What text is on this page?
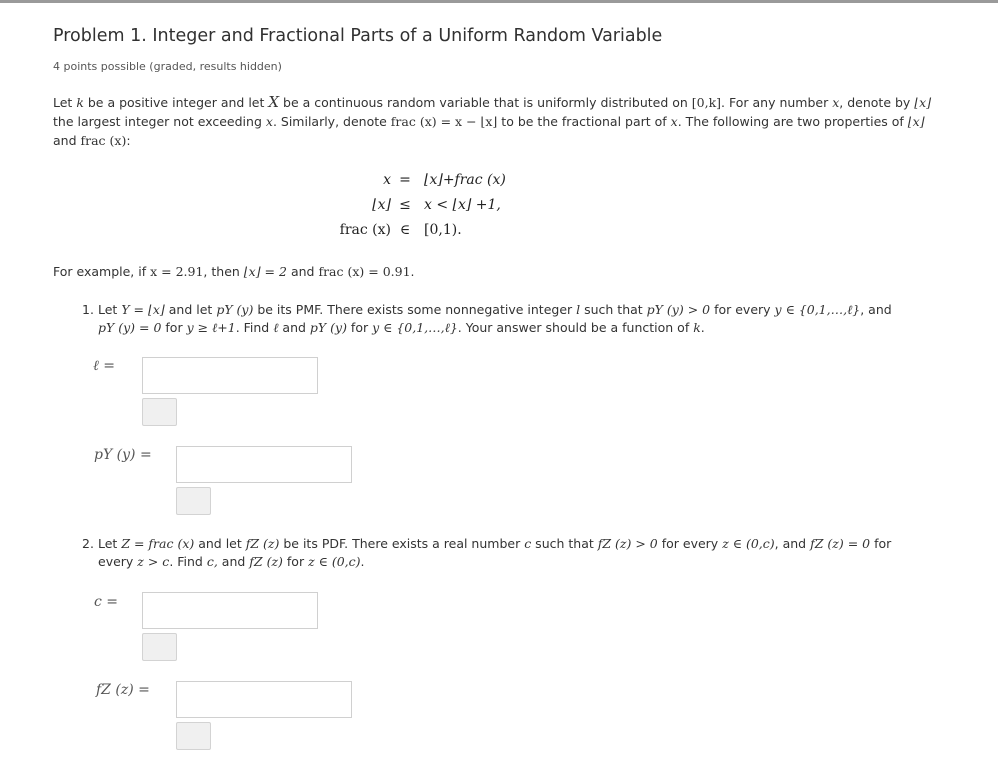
Problem 1. Integer and Fractional Parts of a Uniform Random Variable
4 points possible (graded, results hidden)
Let k be a positive integer and let X be a continuous random variable that is uniformly distributed on [0,k]. For any number x, denote by ⌊x⌋
the largest integer not exceeding x. Similarly, denote frac (x) = x − ⌊x⌋ to be the fractional part of x. The following are two properties of ⌊x⌋
and frac (x):
x = ⌊x⌋+frac (x)
⌊x⌋ ≤ x < ⌊x⌋ +1,
frac (x) ∈ [0,1).
For example, if x = 2.91, then ⌊x⌋ = 2 and frac (x) = 0.91.
1. Let Y = ⌊x⌋ and let pY (y) be its PMF. There exists some nonnegative integer l such that pY (y) > 0 for every y ∈ {0,1,…,ℓ}, and
pY (y) = 0 for y ≥ ℓ+1. Find ℓ and pY (y) for y ∈ {0,1,…,ℓ}. Your answer should be a function of k.
ℓ =
pY (y) =
2. Let Z = frac (x) and let fZ (z) be its PDF. There exists a real number c such that fZ (z) > 0 for every z ∈ (0,c), and fZ (z) = 0 for
every z > c. Find c, and fZ (z) for z ∈ (0,c).
c =
fZ (z) =
